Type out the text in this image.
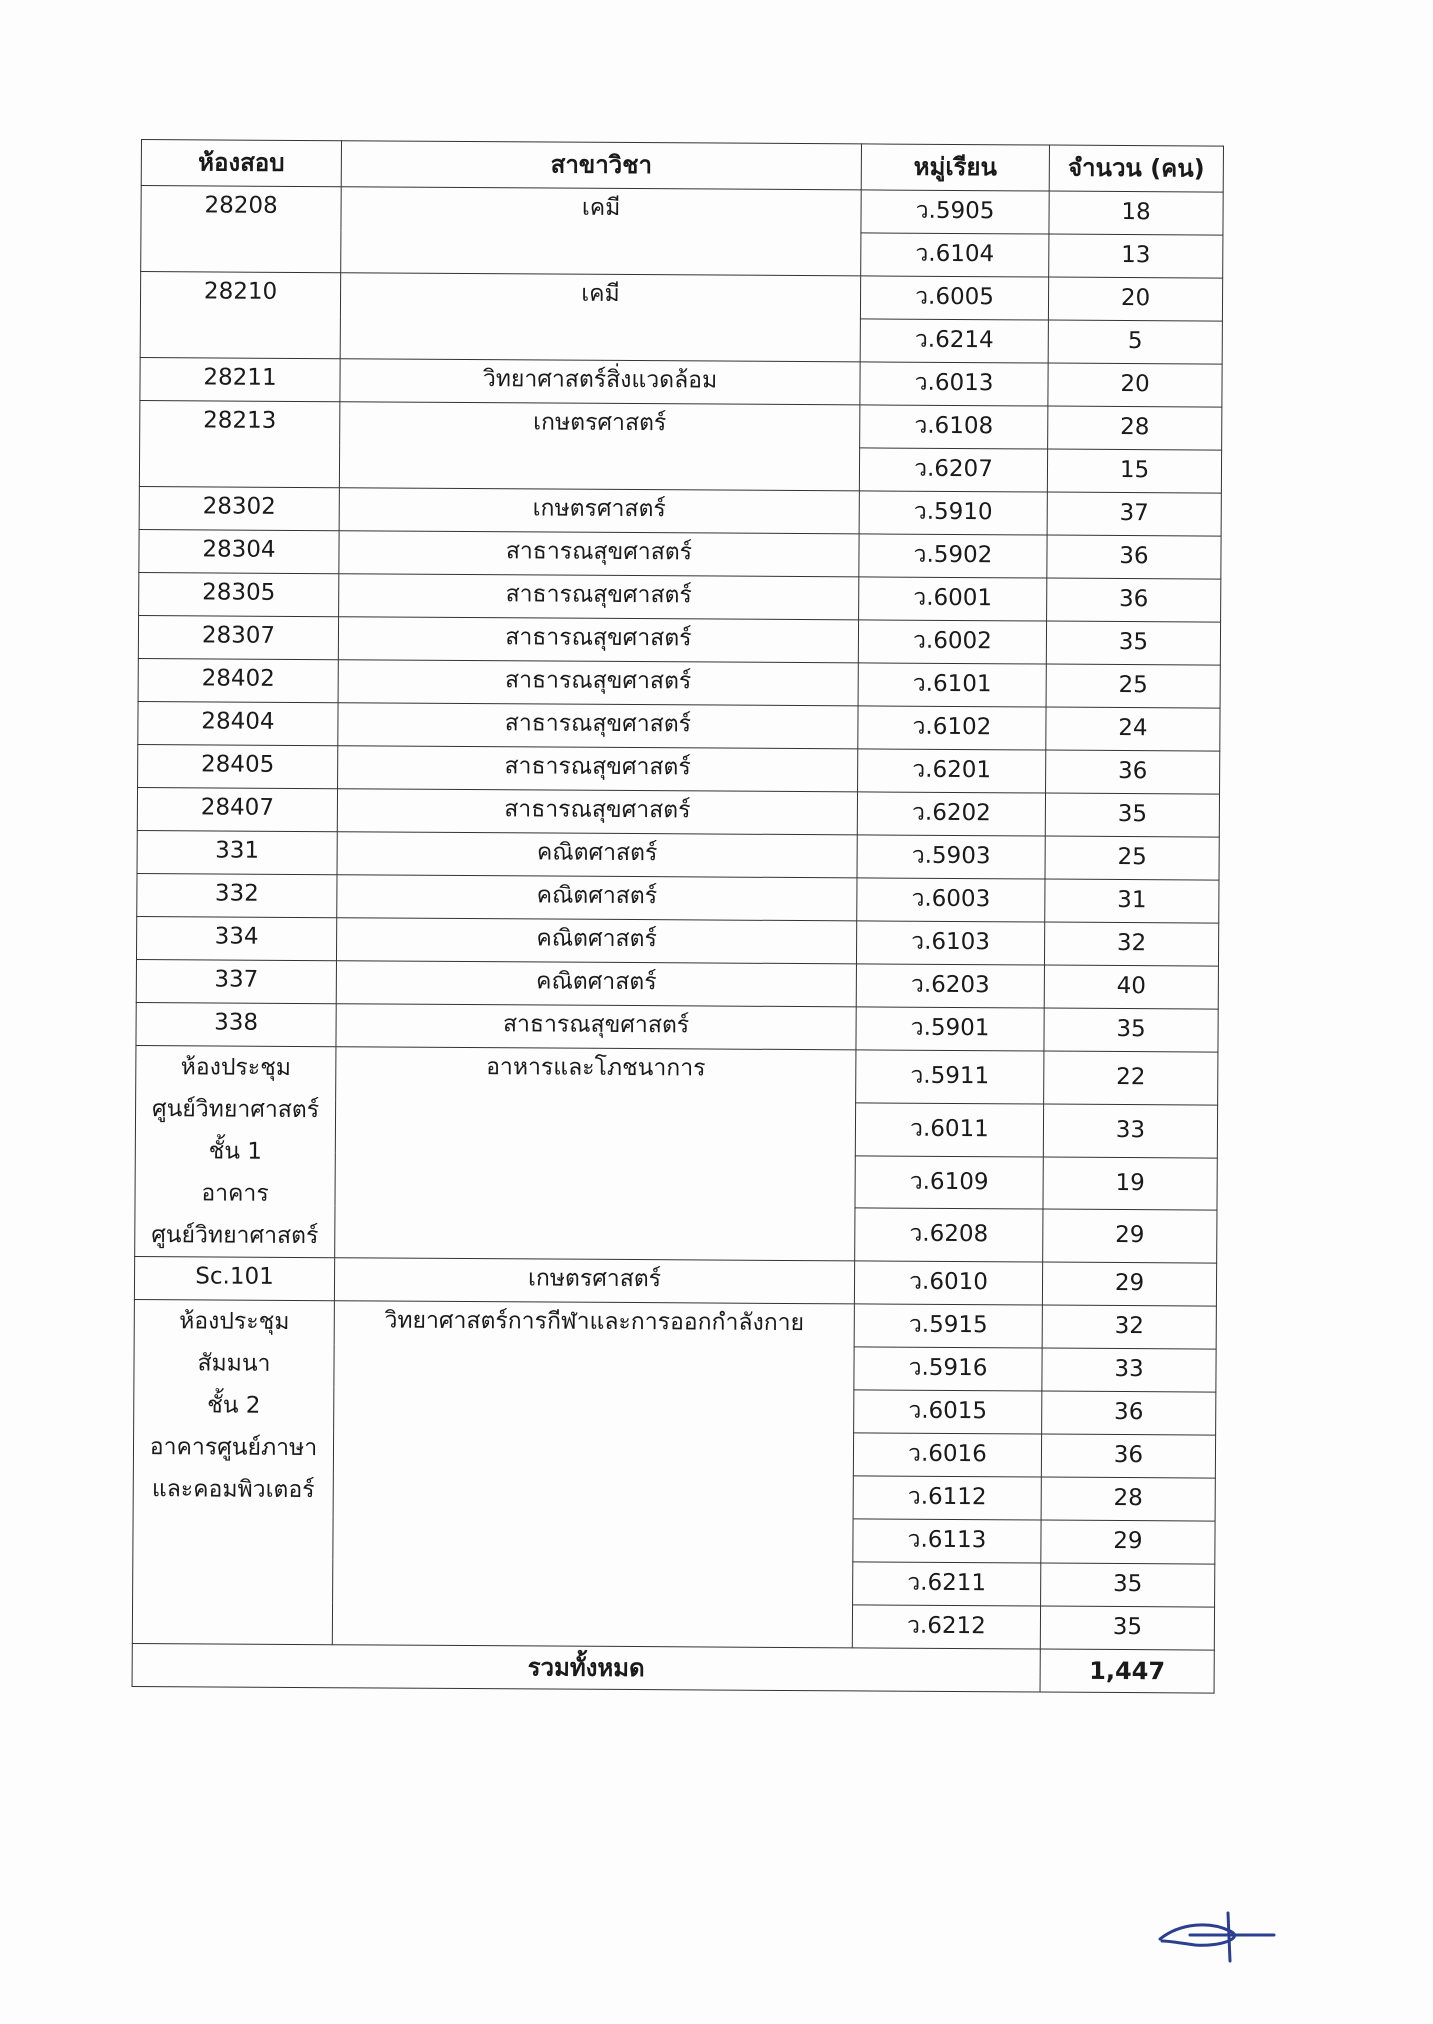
ห้องสอบ	สาขาวิชา	หมู่เรียน	จำนวน (คน)
28208	เคมี	ว.5905	18
		ว.6104	13
28210	เคมี	ว.6005	20
		ว.6214	5
28211	วิทยาศาสตร์สิ่งแวดล้อม	ว.6013	20
28213	เกษตรศาสตร์	ว.6108	28
		ว.6207	15
28302	เกษตรศาสตร์	ว.5910	37
28304	สาธารณสุขศาสตร์	ว.5902	36
28305	สาธารณสุขศาสตร์	ว.6001	36
28307	สาธารณสุขศาสตร์	ว.6002	35
28402	สาธารณสุขศาสตร์	ว.6101	25
28404	สาธารณสุขศาสตร์	ว.6102	24
28405	สาธารณสุขศาสตร์	ว.6201	36
28407	สาธารณสุขศาสตร์	ว.6202	35
331	คณิตศาสตร์	ว.5903	25
332	คณิตศาสตร์	ว.6003	31
334	คณิตศาสตร์	ว.6103	32
337	คณิตศาสตร์	ว.6203	40
338	สาธารณสุขศาสตร์	ว.5901	35
ห้องประชุม
ศูนย์วิทยาศาสตร์
ชั้น 1
อาคาร
ศูนย์วิทยาศาสตร์	อาหารและโภชนาการ	ว.5911	22
		ว.6011	33
		ว.6109	19
		ว.6208	29
Sc.101	เกษตรศาสตร์	ว.6010	29
ห้องประชุม
สัมมนา
ชั้น 2
อาคารศูนย์ภาษา
และคอมพิวเตอร์	วิทยาศาสตร์การกีฬาและการออกกำลังกาย	ว.5915	32
		ว.5916	33
		ว.6015	36
		ว.6016	36
		ว.6112	28
		ว.6113	29
		ว.6211	35
		ว.6212	35
รวมทั้งหมด			1,447
